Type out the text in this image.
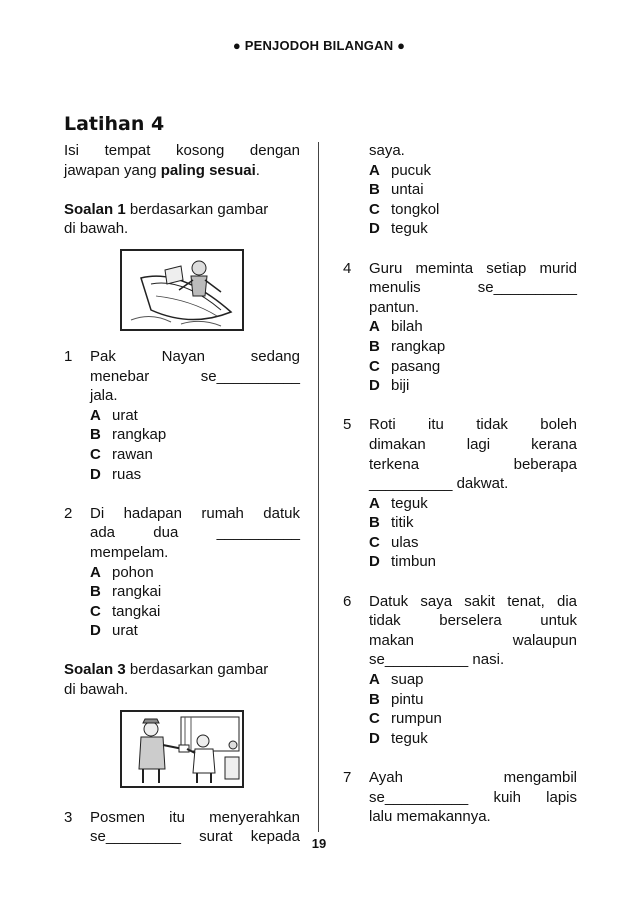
● PENJODOH BILANGAN ●
Latihan 4

Isi tempat kosong dengan

jawapan yang paling sesuai.

Soalan 1 berdasarkan gambar

di bawah.

1	Pak Nayan sedang

menebar se__________

jala.

A urat
B rangkap
C rawan
D ruas
2	Di hadapan rumah datuk

ada dua __________

mempelam.

A pohon
B rangkai
C tangkai
D urat

Soalan 3 berdasarkan gambar

di bawah.

3	Posmen itu menyerahkan

se_________ surat kepada

saya.

A pucuk
B untai
C tongkol
D teguk
4	Guru meminta setiap murid

menulis se__________

pantun.

A bilah
B rangkap
C pasang
D biji
5	Roti itu tidak boleh

dimakan lagi kerana

terkena beberapa

__________ dakwat.

A teguk
B titik
C ulas
D timbun
6	Datuk saya sakit tenat, dia

tidak berselera untuk

makan walaupun

se__________ nasi.

A suap
B pintu
C rumpun
D teguk
7	Ayah mengambil

se__________ kuih lapis

lalu memakannya.

19
